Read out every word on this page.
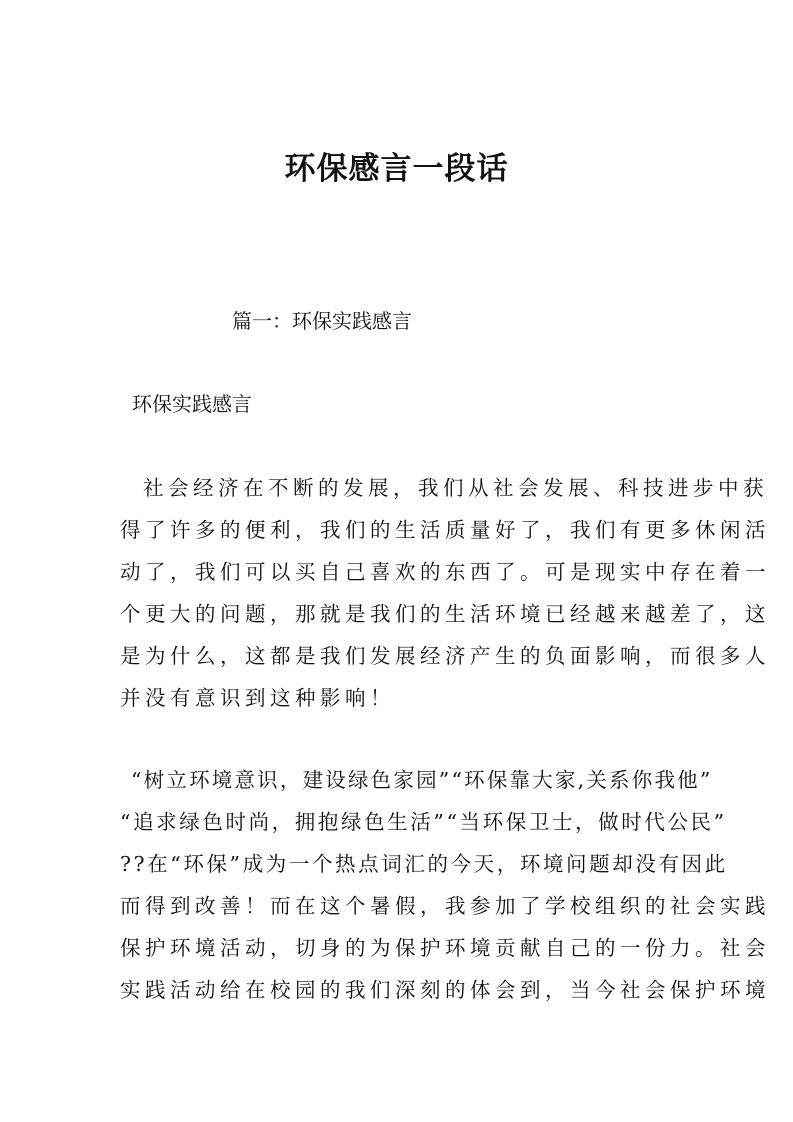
环保感言一段话
篇一：环保实践感言
环保实践感言
社会经济在不断的发展，我们从社会发展、科技进步中获
得了许多的便利，我们的生活质量好了，我们有更多休闲活
动了，我们可以买自己喜欢的东西了。可是现实中存在着一
个更大的问题，那就是我们的生活环境已经越来越差了，这
是为什么，这都是我们发展经济产生的负面影响，而很多人
并没有意识到这种影响！
“树立环境意识，建设绿色家园”“环保靠大家,关系你我他”
“追求绿色时尚，拥抱绿色生活”“当环保卫士，做时代公民”
??在“环保”成为一个热点词汇的今天，环境问题却没有因此
而得到改善！而在这个暑假，我参加了学校组织的社会实践
保护环境活动，切身的为保护环境贡献自己的一份力。社会
实践活动给在校园的我们深刻的体会到，当今社会保护环境
